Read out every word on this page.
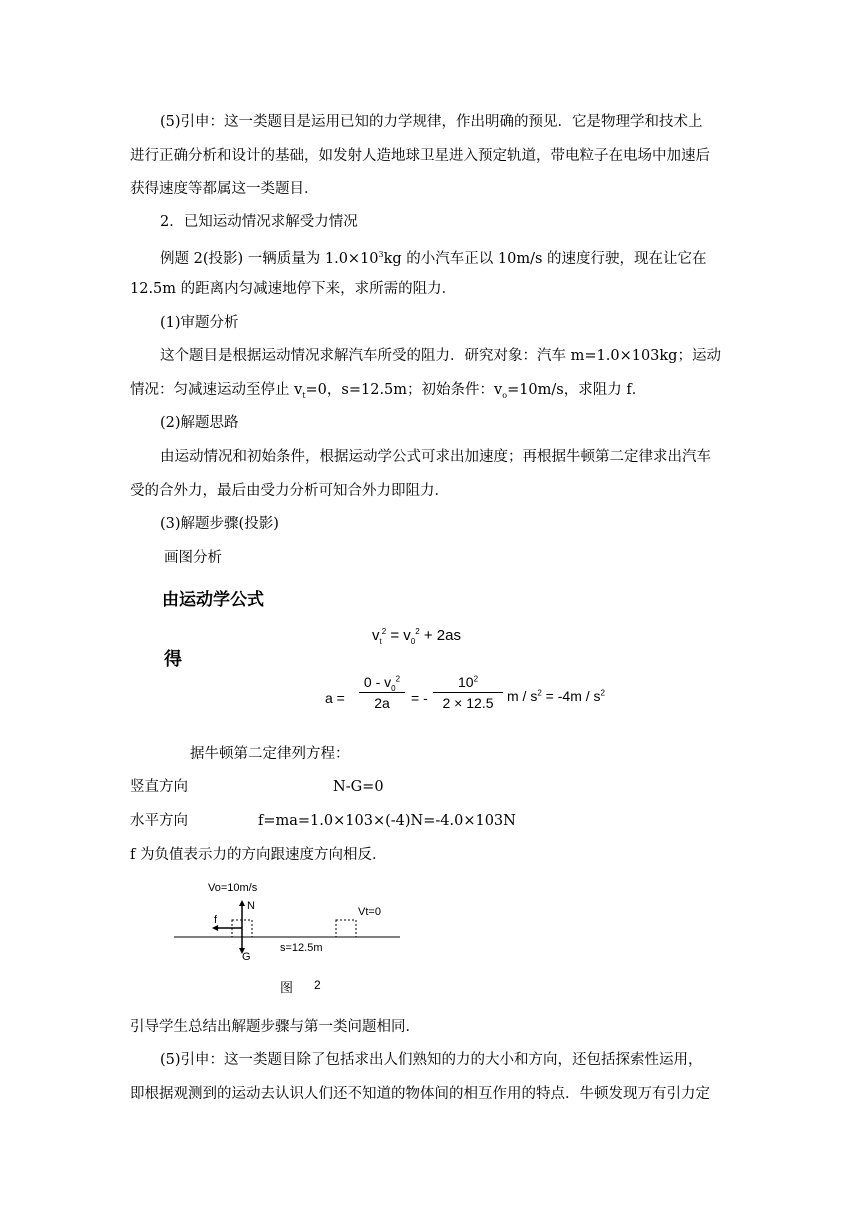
(5)引申：这一类题目是运用已知的力学规律，作出明确的预见．它是物理学和技术上
进行正确分析和设计的基础，如发射人造地球卫星进入预定轨道，带电粒子在电场中加速后
获得速度等都属这一类题目．
2．已知运动情况求解受力情况
例题 2(投影) 一辆质量为 $1.0\times 10^3kg$ 的小汽车正以 10m/s 的速度行驶，现在让它在
12.5m 的距离内匀减速地停下来，求所需的阻力．
(1)审题分析
这个题目是根据运动情况求解汽车所受的阻力．研究对象：汽车 m=1.0×103kg；运动
情况：匀减速运动至停止 $v_t=0$，s=12.5m；初始条件：$v_o=10m/s$，求阻力 f．
(2)解题思路
由运动情况和初始条件，根据运动学公式可求出加速度；再根据牛顿第二定律求出汽车
受的合外力，最后由受力分析可知合外力即阻力．
(3)解题步骤(投影)
画图分析
由运动学公式
$v_t^2 = v_0^2 + 2as$
得
a =
$0 - v_0^2$
2a	= -
$10^2$
2 × 12.5 $m / s^2 = -4m / s^2$
据牛顿第二定律列方程：
竖直方向	N-G=0
水平方向	f=ma=1.0×103×(-4)N=-4.0×103N
f 为负值表示力的方向跟速度方向相反．
Vo=10m/s
N
f
G
Vt=0
s=12.5m
图 2
引导学生总结出解题步骤与第一类问题相同．
(5)引申：这一类题目除了包括求出人们熟知的力的大小和方向，还包括探索性运用，
即根据观测到的运动去认识人们还不知道的物体间的相互作用的特点．牛顿发现万有引力定
